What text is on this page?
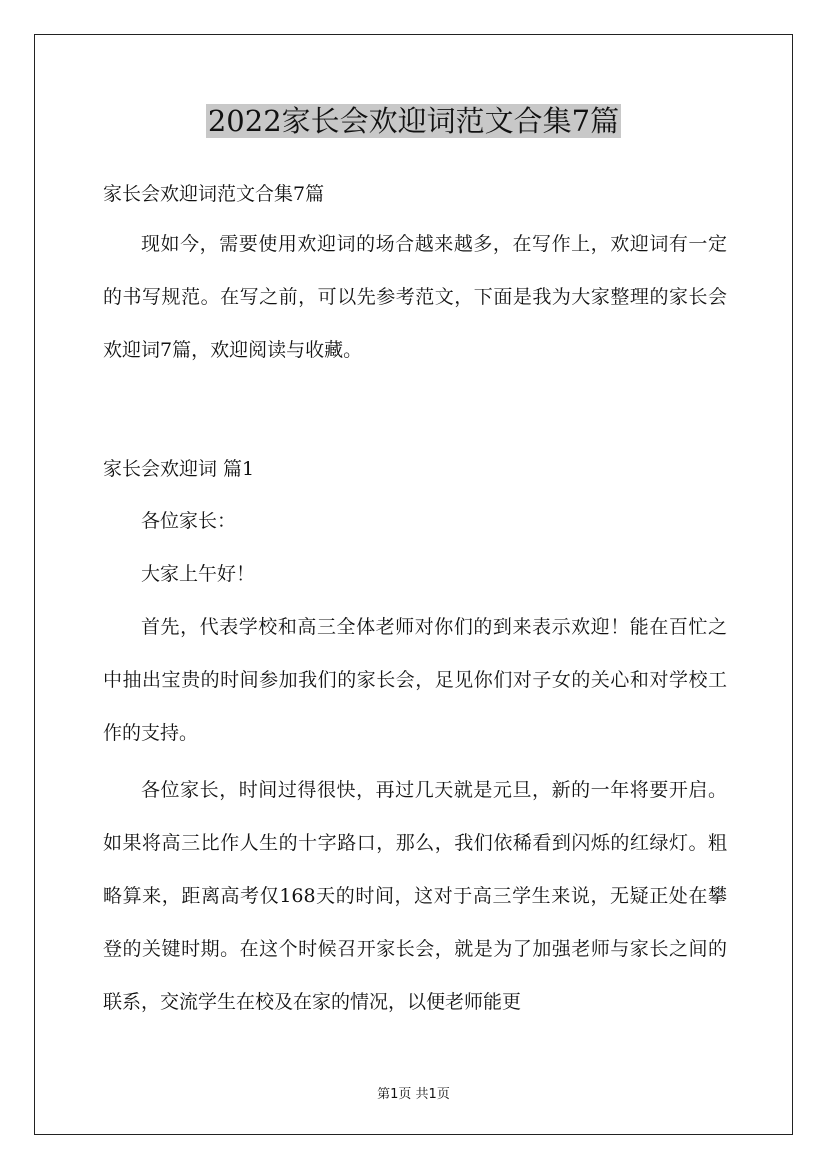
2022家长会欢迎词范文合集7篇

家长会欢迎词范文合集7篇

现如今，需要使用欢迎词的场合越来越多，在写作上，欢迎词有一定的书写规范。在写之前，可以先参考范文，下面是我为大家整理的家长会欢迎词7篇，欢迎阅读与收藏。

家长会欢迎词 篇1

各位家长：

大家上午好！

首先，代表学校和高三全体老师对你们的到来表示欢迎！能在百忙之中抽出宝贵的时间参加我们的家长会，足见你们对子女的关心和对学校工作的支持。

各位家长，时间过得很快，再过几天就是元旦，新的一年将要开启。如果将高三比作人生的十字路口，那么，我们依稀看到闪烁的红绿灯。粗略算来，距离高考仅168天的时间，这对于高三学生来说，无疑正处在攀登的关键时期。在这个时候召开家长会，就是为了加强老师与家长之间的联系，交流学生在校及在家的情况，以便老师能更

第1页 共1页
